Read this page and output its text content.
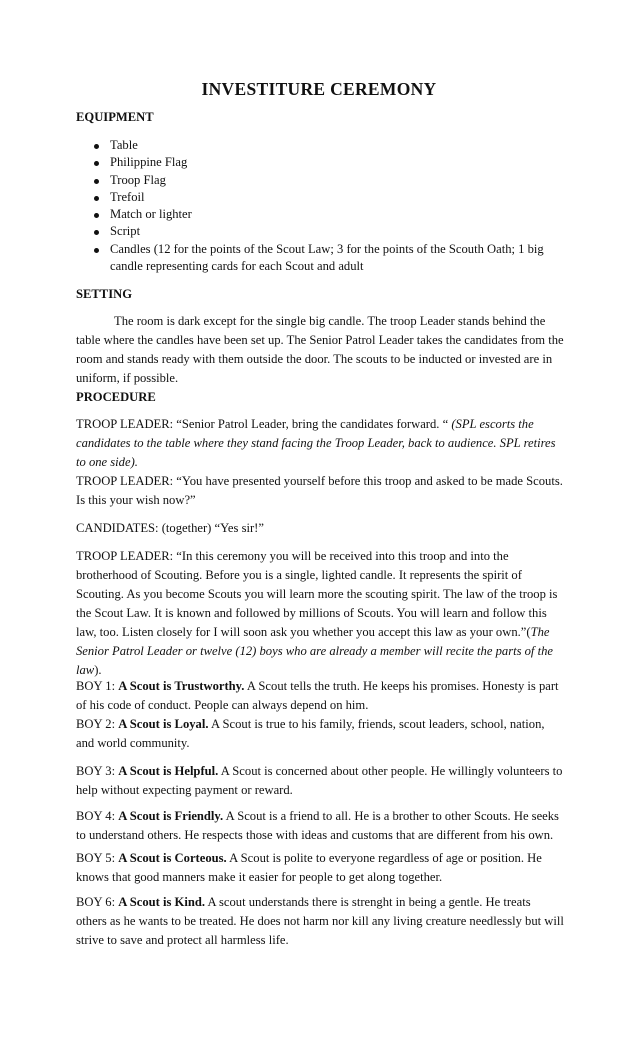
INVESTITURE CEREMONY
EQUIPMENT
Table
Philippine Flag
Troop Flag
Trefoil
Match or lighter
Script
Candles (12 for the points of the Scout Law; 3 for the points of the Scouth Oath; 1 big candle representing cards for each Scout and adult
SETTING
The room is dark except for the single big candle. The troop Leader stands behind the table where the candles have been set up. The Senior Patrol Leader takes the candidates from the room and stands ready with them outside the door. The scouts to be inducted or invested are in uniform, if possible.
PROCEDURE
TROOP LEADER: “Senior Patrol Leader, bring the candidates forward. “ (SPL escorts the candidates to the table where they stand facing the Troop Leader, back to audience. SPL retires to one side).
TROOP LEADER: “You have presented yourself before this troop and asked to be made Scouts. Is this your wish now?”
CANDIDATES: (together) “Yes sir!”
TROOP LEADER: “In this ceremony you will be received into this troop and into the brotherhood of Scouting. Before you is a single, lighted candle. It represents the spirit of Scouting. As you become Scouts you will learn more the scouting spirit. The law of the troop is the Scout Law. It is known and followed by millions of Scouts. You will learn and follow this law, too. Listen closely for I will soon ask you whether you accept this law as your own.”(The Senior Patrol Leader or twelve (12) boys who are already a member will recite the parts of the law).
BOY 1: A Scout is Trustworthy. A Scout tells the truth. He keeps his promises. Honesty is part of his code of conduct. People can always depend on him.
BOY 2: A Scout is Loyal. A Scout is true to his family, friends, scout leaders, school, nation, and world community.
BOY 3: A Scout is Helpful. A Scout is concerned about other people. He willingly volunteers to help without expecting payment or reward.
BOY 4: A Scout is Friendly. A Scout is a friend to all. He is a brother to other Scouts. He seeks to understand others. He respects those with ideas and customs that are different from his own.
BOY 5: A Scout is Corteous. A Scout is polite to everyone regardless of age or position. He knows that good manners make it easier for people to get along together.
BOY 6: A Scout is Kind. A scout understands there is strenght in being a gentle. He treats others as he wants to be treated. He does not harm nor kill any living creature needlessly but will strive to save and protect all harmless life.
